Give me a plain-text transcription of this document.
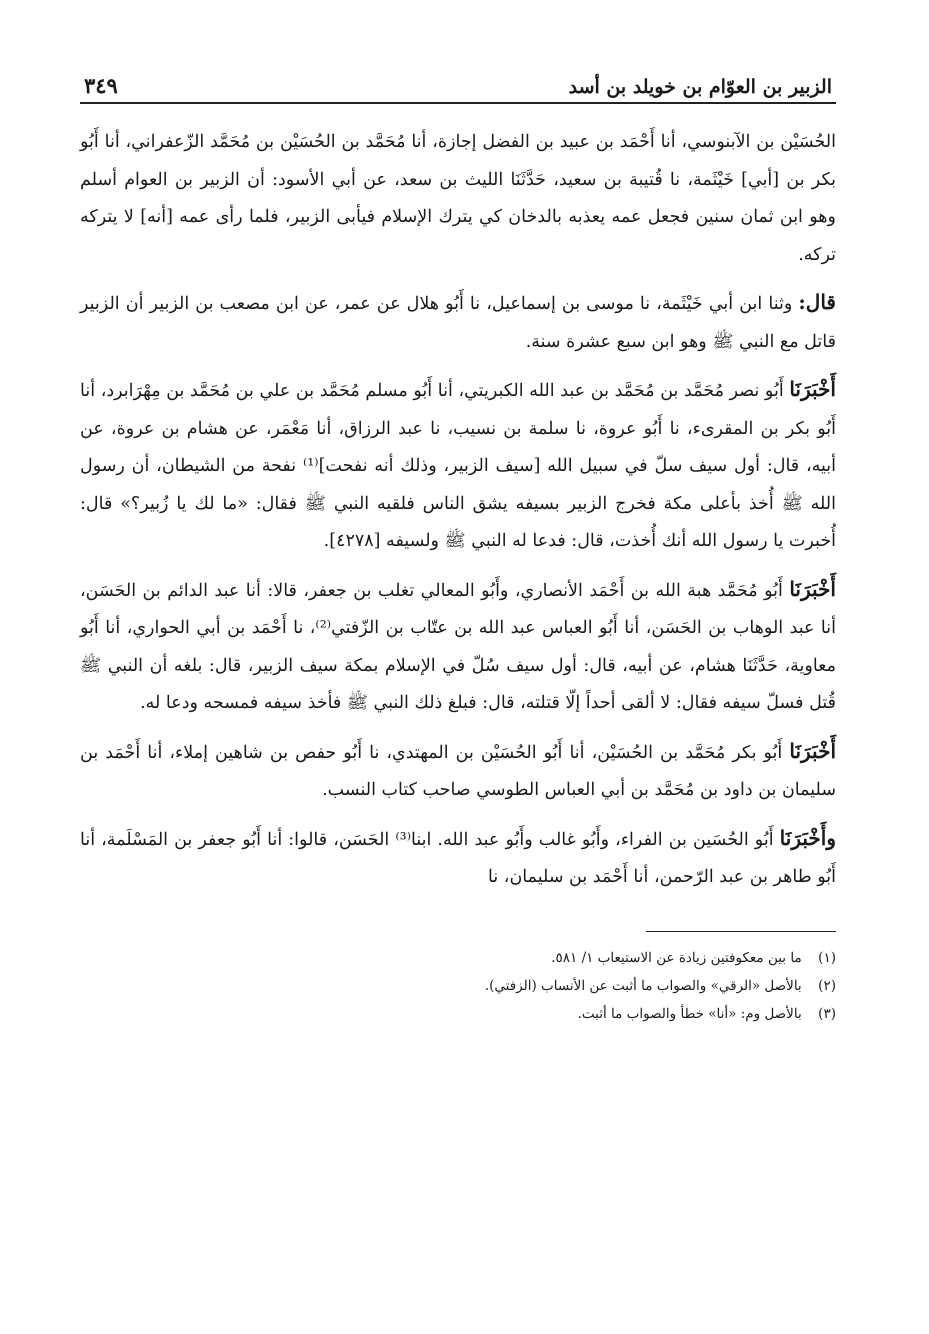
الزبير بن العوّام بن خويلد بن أسد
٣٤٩

الحُسَيْن بن الآبنوسي، أنا أَحْمَد بن عبيد بن الفضل إجازة، أنا مُحَمَّد بن الحُسَيْن بن مُحَمَّد الزّعفراني، أنا أَبُو بكر بن [أبي] خَيْثَمة، نا قُتيبة بن سعيد، حَدَّثَنَا الليث بن سعد، عن أبي الأسود: أن الزبير بن العوام أسلم وهو ابن ثمان سنين فجعل عمه يعذبه بالدخان كي يترك الإسلام فيأبى الزبير، فلما رأى عمه [أنه] لا يتركه تركه.

قال: وثنا ابن أبي خَيْثَمة، نا موسى بن إسماعيل، نا أَبُو هلال عن عمر، عن ابن مصعب بن الزبير أن الزبير قاتل مع النبي ﷺ وهو ابن سبع عشرة سنة.

أَخْبَرَنَا أَبُو نصر مُحَمَّد بن مُحَمَّد بن عبد الله الكبريتي، أنا أَبُو مسلم مُحَمَّد بن علي بن مُحَمَّد بن مِهْرَابرد، أنا أَبُو بكر بن المقرىء، نا أَبُو عروة، نا سلمة بن نسيب، نا عبد الرزاق، أنا مَعْمَر، عن هشام بن عروة، عن أبيه، قال: أول سيف سلّ في سبيل الله [سيف الزبير، وذلك أنه نفحت]⁽¹⁾ نفحة من الشيطان، أن رسول الله ﷺ أُخذ بأعلى مكة فخرج الزبير بسيفه يشق الناس فلقيه النبي ﷺ فقال: «ما لك يا زُبير؟» قال: أُخبرت يا رسول الله أنك أُخذت، قال: فدعا له النبي ﷺ ولسيفه [٤٢٧٨].

أَخْبَرَنَا أَبُو مُحَمَّد هبة الله بن أَحْمَد الأنصاري، وأَبُو المعالي تغلب بن جعفر، قالا: أنا عبد الدائم بن الحَسَن، أنا عبد الوهاب بن الحَسَن، أنا أَبُو العباس عبد الله بن عتّاب بن الزّفتي⁽²⁾، نا أَحْمَد بن أبي الحواري، أنا أَبُو معاوية، حَدَّثَنَا هشام، عن أبيه، قال: أول سيف سُلّ في الإسلام بمكة سيف الزبير، قال: بلغه أن النبي ﷺ قُتل فسلّ سيفه فقال: لا ألقى أحداً إلّا قتلته، قال: فبلغ ذلك النبي ﷺ فأخذ سيفه فمسحه ودعا له.

أَخْبَرَنَا أَبُو بكر مُحَمَّد بن الحُسَيْن، أنا أَبُو الحُسَيْن بن المهتدي، نا أَبُو حفص بن شاهين إملاء، أنا أَحْمَد بن سليمان بن داود بن مُحَمَّد بن أبي العباس الطوسي صاحب كتاب النسب.

وأَخْبَرَنَا أَبُو الحُسَين بن الفراء، وأَبُو غالب وأَبُو عبد الله. ابنا⁽³⁾ الحَسَن، قالوا: أنا أَبُو جعفر بن المَسْلَمة، أنا أَبُو طاهر بن عبد الرّحمن، أنا أَحْمَد بن سليمان، نا

(١) ما بين معكوفتين زيادة عن الاستيعاب ١/ ٥٨١.

(٢) بالأصل «الرقي» والصواب ما أثبت عن الأنساب (الزفتي).

(٣) بالأصل وم: «أنا» خطأ والصواب ما أثبت.
